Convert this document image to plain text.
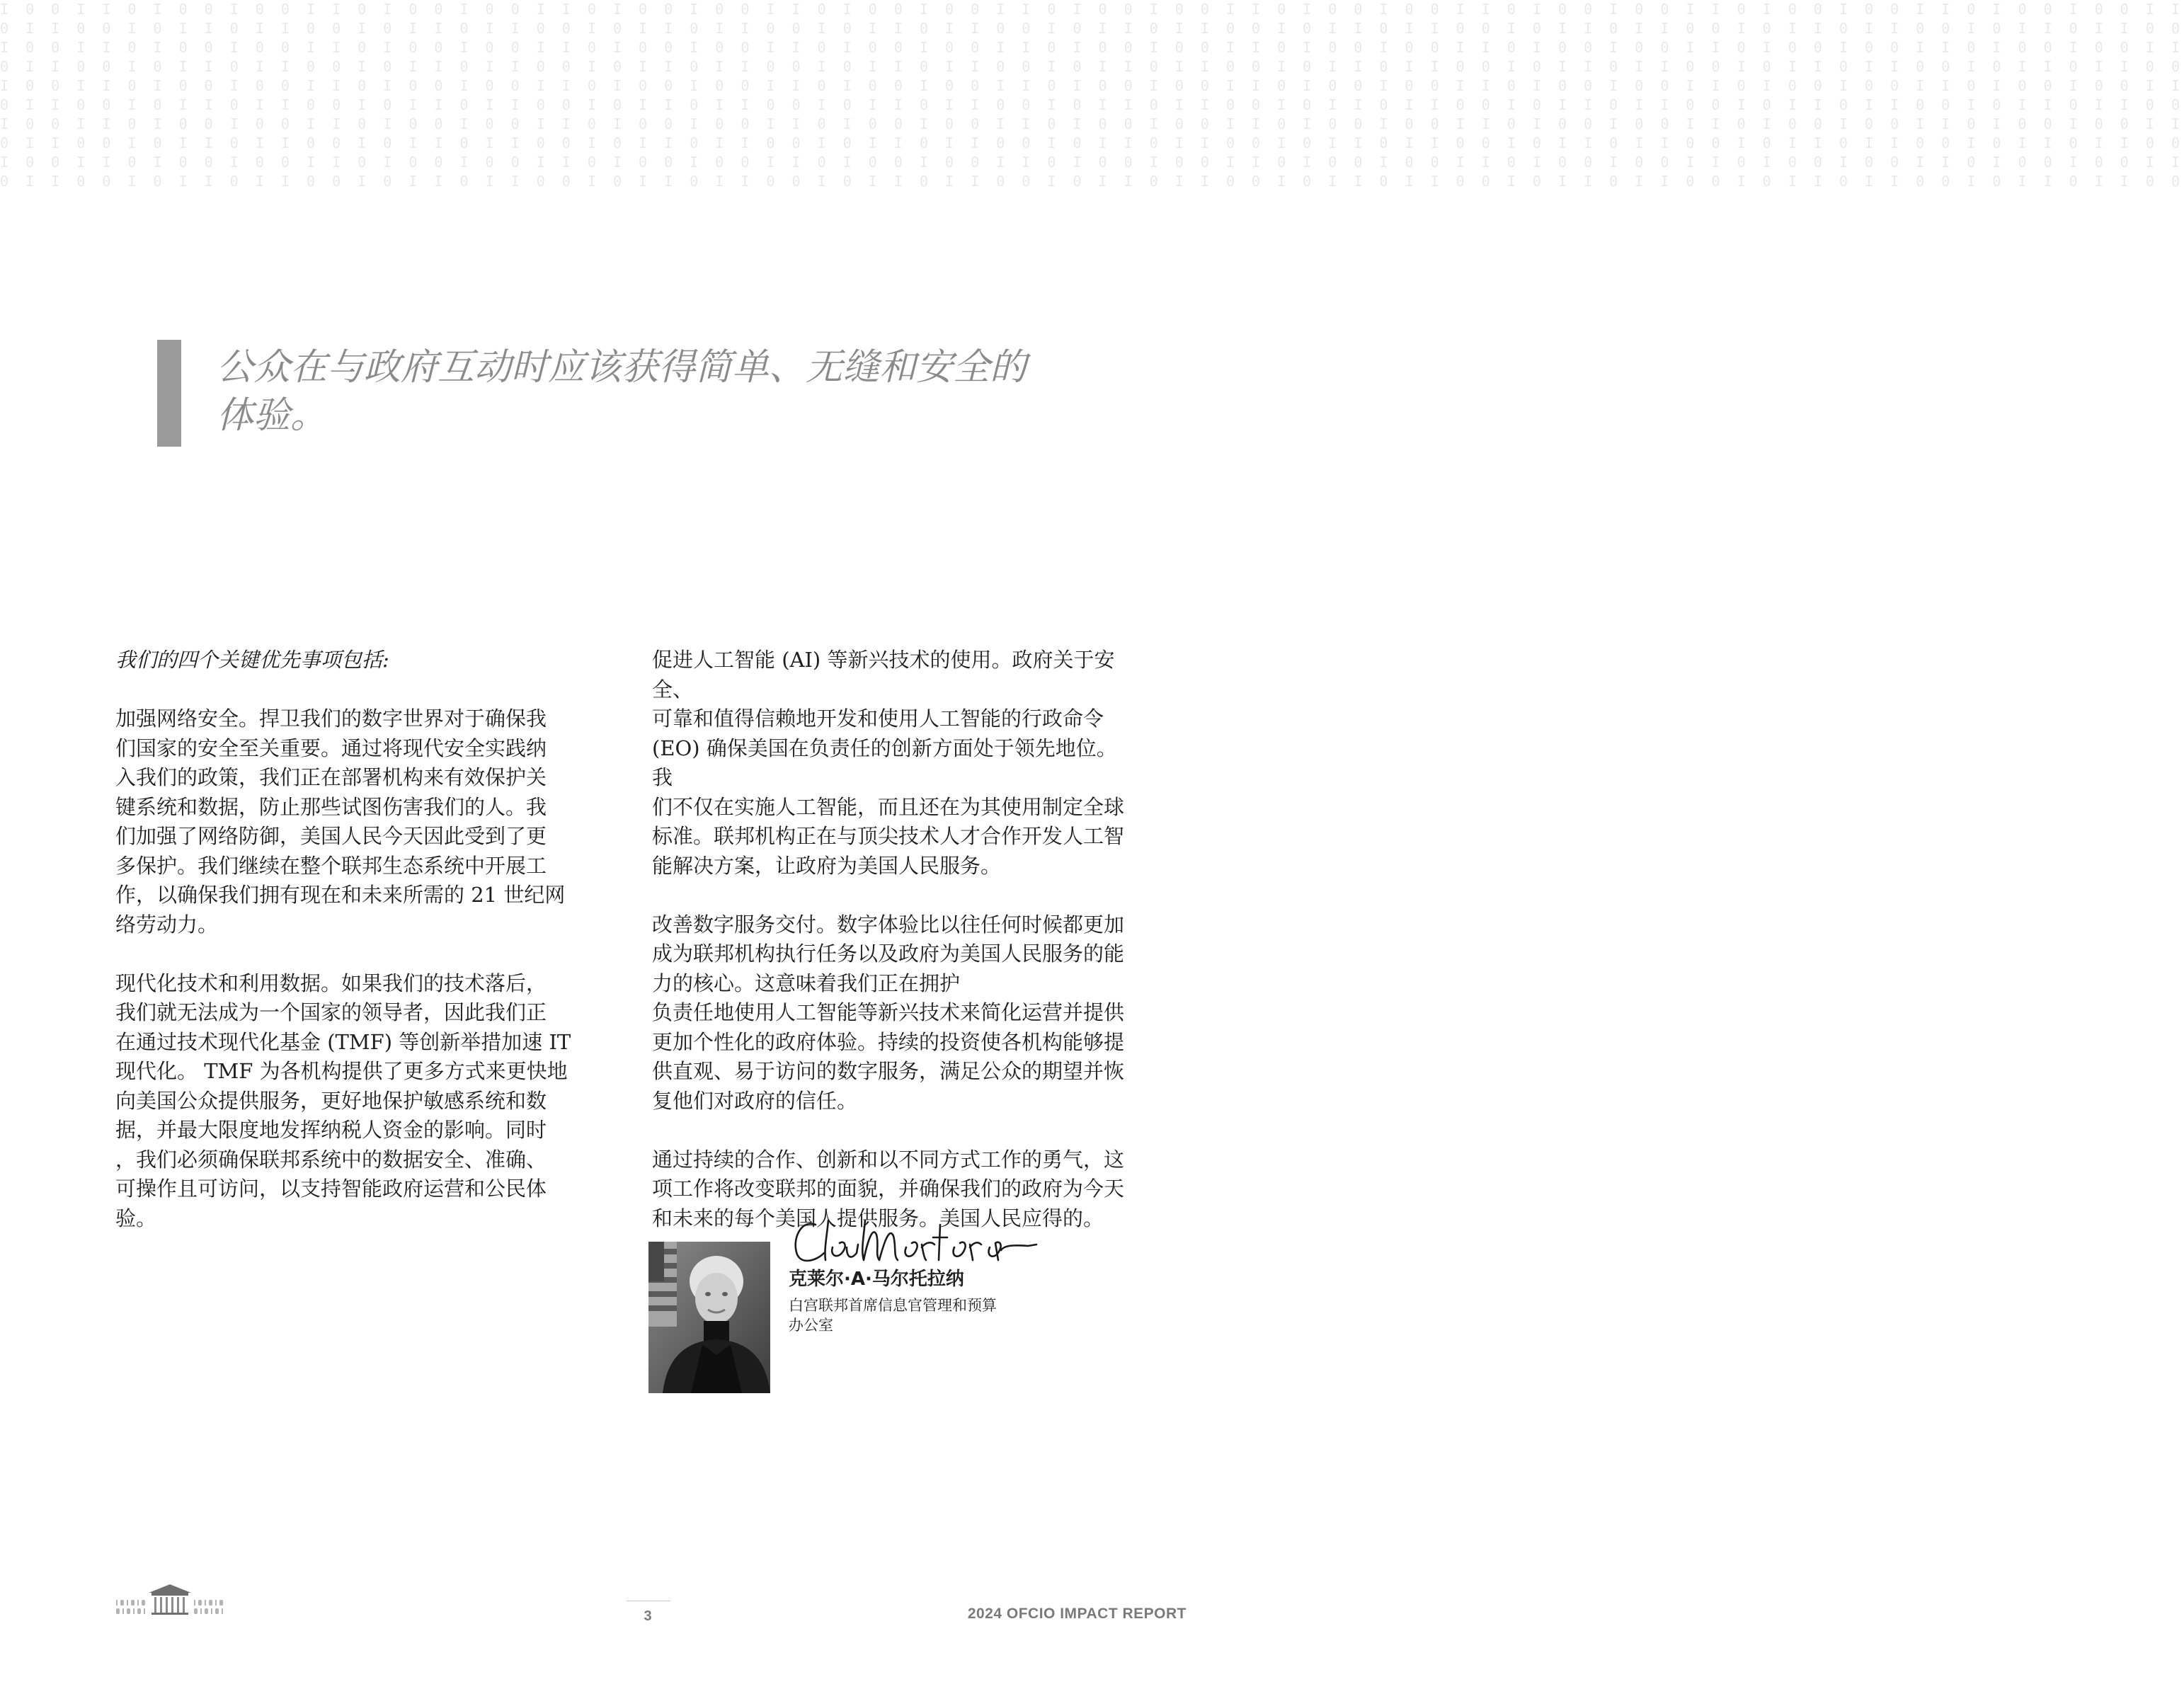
I 0 0 I I 0 I 0 0 I 0 0 I I 0 I 0 0 I 0 0 I I 0 I 0 0 I 0 0 I I 0 I 0 0 I 0 0 I I 0 I 0 0 I 0 0 I I 0 I 0 0 I 0 0 I I 0 I 0 0 I 0 0 I I 0 I 0 0 I 0 0 I I 0 I 0 0 I 0 0 I I
0 I I 0 0 I 0 I I 0 I I 0 0 I 0 I I 0 I I 0 0 I 0 I I 0 I I 0 0 I 0 I I 0 I I 0 0 I 0 I I 0 I I 0 0 I 0 I I 0 I I 0 0 I 0 I I 0 I I 0 0 I 0 I I 0 I I 0 0 I 0 I I 0 I I 0 0
I 0 0 I I 0 I 0 0 I 0 0 I I 0 I 0 0 I 0 0 I I 0 I 0 0 I 0 0 I I 0 I 0 0 I 0 0 I I 0 I 0 0 I 0 0 I I 0 I 0 0 I 0 0 I I 0 I 0 0 I 0 0 I I 0 I 0 0 I 0 0 I I 0 I 0 0 I 0 0 I I
0 I I 0 0 I 0 I I 0 I I 0 0 I 0 I I 0 I I 0 0 I 0 I I 0 I I 0 0 I 0 I I 0 I I 0 0 I 0 I I 0 I I 0 0 I 0 I I 0 I I 0 0 I 0 I I 0 I I 0 0 I 0 I I 0 I I 0 0 I 0 I I 0 I I 0 0
I 0 0 I I 0 I 0 0 I 0 0 I I 0 I 0 0 I 0 0 I I 0 I 0 0 I 0 0 I I 0 I 0 0 I 0 0 I I 0 I 0 0 I 0 0 I I 0 I 0 0 I 0 0 I I 0 I 0 0 I 0 0 I I 0 I 0 0 I 0 0 I I 0 I 0 0 I 0 0 I I
0 I I 0 0 I 0 I I 0 I I 0 0 I 0 I I 0 I I 0 0 I 0 I I 0 I I 0 0 I 0 I I 0 I I 0 0 I 0 I I 0 I I 0 0 I 0 I I 0 I I 0 0 I 0 I I 0 I I 0 0 I 0 I I 0 I I 0 0 I 0 I I 0 I I 0 0
I 0 0 I I 0 I 0 0 I 0 0 I I 0 I 0 0 I 0 0 I I 0 I 0 0 I 0 0 I I 0 I 0 0 I 0 0 I I 0 I 0 0 I 0 0 I I 0 I 0 0 I 0 0 I I 0 I 0 0 I 0 0 I I 0 I 0 0 I 0 0 I I 0 I 0 0 I 0 0 I I
0 I I 0 0 I 0 I I 0 I I 0 0 I 0 I I 0 I I 0 0 I 0 I I 0 I I 0 0 I 0 I I 0 I I 0 0 I 0 I I 0 I I 0 0 I 0 I I 0 I I 0 0 I 0 I I 0 I I 0 0 I 0 I I 0 I I 0 0 I 0 I I 0 I I 0 0
I 0 0 I I 0 I 0 0 I 0 0 I I 0 I 0 0 I 0 0 I I 0 I 0 0 I 0 0 I I 0 I 0 0 I 0 0 I I 0 I 0 0 I 0 0 I I 0 I 0 0 I 0 0 I I 0 I 0 0 I 0 0 I I 0 I 0 0 I 0 0 I I 0 I 0 0 I 0 0 I I
0 I I 0 0 I 0 I I 0 I I 0 0 I 0 I I 0 I I 0 0 I 0 I I 0 I I 0 0 I 0 I I 0 I I 0 0 I 0 I I 0 I I 0 0 I 0 I I 0 I I 0 0 I 0 I I 0 I I 0 0 I 0 I I 0 I I 0 0 I 0 I I 0 I I 0 0
公众在与政府互动时应该获得简单、无缝和安全的
体验。

我们的四个关键优先事项包括:

加强网络安全。捍卫我们的数字世界对于确保我
们国家的安全至关重要。通过将现代安全实践纳
入我们的政策，我们正在部署机构来有效保护关
键系统和数据，防止那些试图伤害我们的人。我
们加强了网络防御，美国人民今天因此受到了更
多保护。我们继续在整个联邦生态系统中开展工
作，以确保我们拥有现在和未来所需的 21 世纪网
络劳动力。

现代化技术和利用数据。如果我们的技术落后，
我们就无法成为一个国家的领导者，因此我们正
在通过技术现代化基金 (TMF) 等创新举措加速 IT
现代化。 TMF 为各机构提供了更多方式来更快地
向美国公众提供服务，更好地保护敏感系统和数
据，并最大限度地发挥纳税人资金的影响。同时
，我们必须确保联邦系统中的数据安全、准确、
可操作且可访问，以支持智能政府运营和公民体
验。

促进人工智能 (AI) 等新兴技术的使用。政府关于安全、
可靠和值得信赖地开发和使用人工智能的行政命令
(EO) 确保美国在负责任的创新方面处于领先地位。我
们不仅在实施人工智能，而且还在为其使用制定全球
标准。联邦机构正在与顶尖技术人才合作开发人工智
能解决方案，让政府为美国人民服务。

改善数字服务交付。数字体验比以往任何时候都更加
成为联邦机构执行任务以及政府为美国人民服务的能
力的核心。这意味着我们正在拥护
负责任地使用人工智能等新兴技术来简化运营并提供
更加个性化的政府体验。持续的投资使各机构能够提
供直观、易于访问的数字服务，满足公众的期望并恢
复他们对政府的信任。

通过持续的合作、创新和以不同方式工作的勇气，这
项工作将改变联邦的面貌，并确保我们的政府为今天
和未来的每个美国人提供服务。美国人民应得的。

克莱尔·A·马尔托拉纳
白宫联邦首席信息官管理和预算
办公室
3	2024 OFCIO IMPACT REPORT
